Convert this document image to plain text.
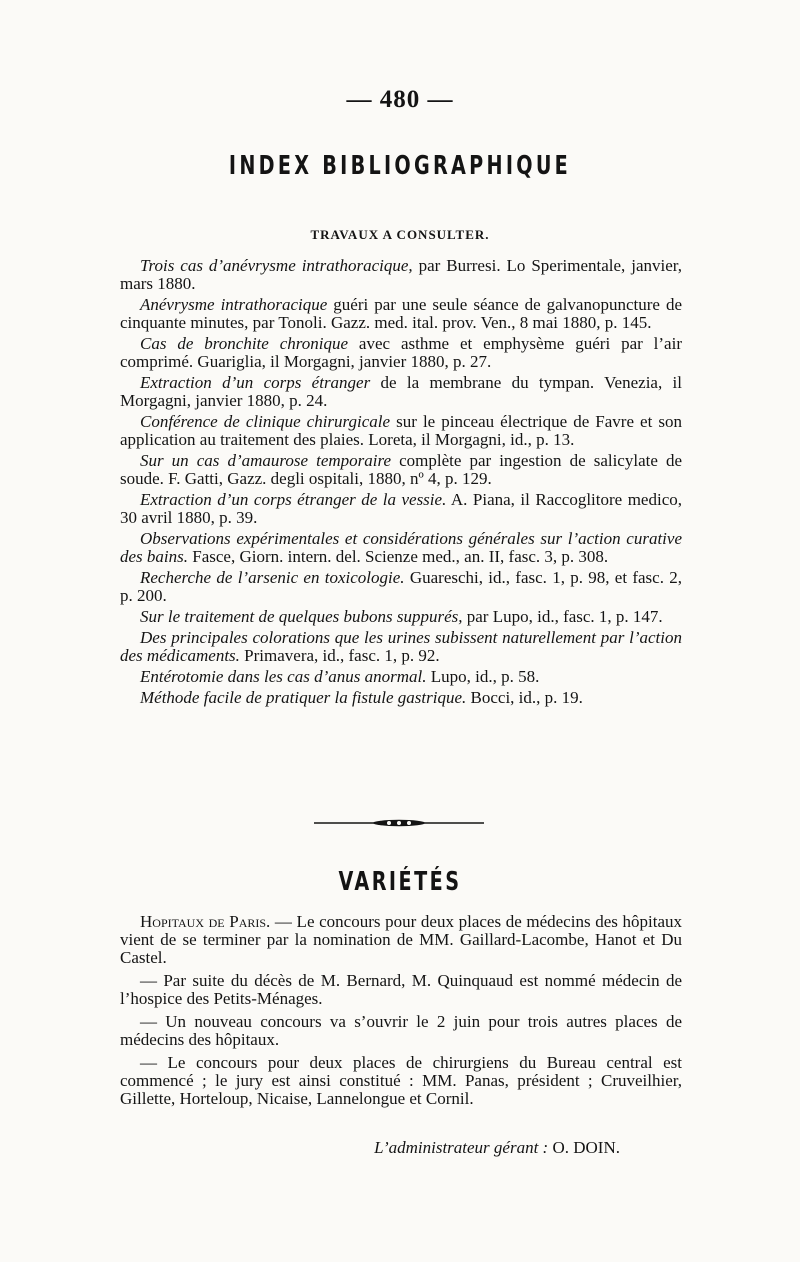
— 480 —
INDEX BIBLIOGRAPHIQUE
TRAVAUX A CONSULTER.

Trois cas d’anévrysme intrathoracique, par Burresi. Lo Sperimentale, janvier, mars 1880.

Anévrysme intrathoracique guéri par une seule séance de galvanopuncture de cinquante minutes, par Tonoli. Gazz. med. ital. prov. Ven., 8 mai 1880, p. 145.

Cas de bronchite chronique avec asthme et emphysème guéri par l’air comprimé. Guariglia, il Morgagni, janvier 1880, p. 27.

Extraction d’un corps étranger de la membrane du tympan. Venezia, il Morgagni, janvier 1880, p. 24.

Conférence de clinique chirurgicale sur le pinceau électrique de Favre et son application au traitement des plaies. Loreta, il Morgagni, id., p. 13.

Sur un cas d’amaurose temporaire complète par ingestion de salicylate de soude. F. Gatti, Gazz. degli ospitali, 1880, nº 4, p. 129.

Extraction d’un corps étranger de la vessie. A. Piana, il Raccoglitore medico, 30 avril 1880, p. 39.

Observations expérimentales et considérations générales sur l’action curative des bains. Fasce, Giorn. intern. del. Scienze med., an. II, fasc. 3, p. 308.

Recherche de l’arsenic en toxicologie. Guareschi, id., fasc. 1, p. 98, et fasc. 2, p. 200.

Sur le traitement de quelques bubons suppurés, par Lupo, id., fasc. 1, p. 147.

Des principales colorations que les urines subissent naturellement par l’action des médicaments. Primavera, id., fasc. 1, p. 92.

Entérotomie dans les cas d’anus anormal. Lupo, id., p. 58.

Méthode facile de pratiquer la fistule gastrique. Bocci, id., p. 19.

VARIÉTÉS

Hopitaux de Paris. — Le concours pour deux places de médecins des hôpitaux vient de se terminer par la nomination de MM. Gaillard-Lacombe, Hanot et Du Castel.

— Par suite du décès de M. Bernard, M. Quinquaud est nommé médecin de l’hospice des Petits-Ménages.

— Un nouveau concours va s’ouvrir le 2 juin pour trois autres places de médecins des hôpitaux.

— Le concours pour deux places de chirurgiens du Bureau central est commencé ; le jury est ainsi constitué : MM. Panas, président ; Cruveilhier, Gillette, Horteloup, Nicaise, Lannelongue et Cornil.

L’administrateur gérant : O. DOIN.
